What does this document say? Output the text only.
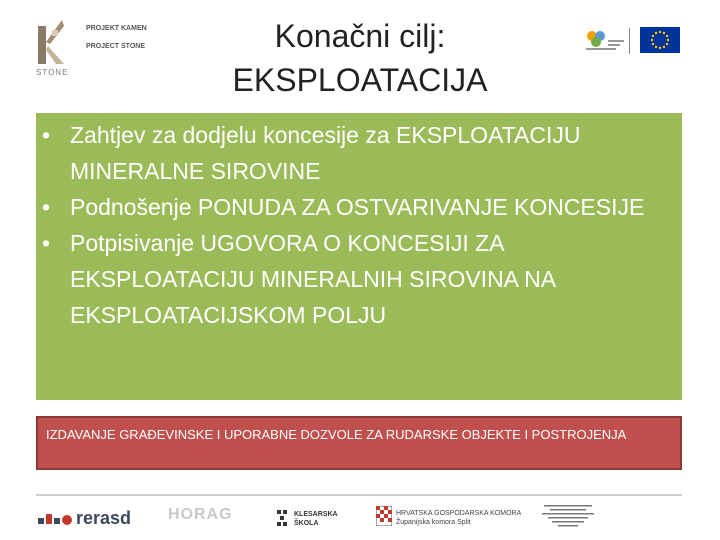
STONE
PROJEKT KAMEN

PROJECT STONE
	Konačni cilj:
EKSPLOATACIJA
• Zahtjev za dodjelu koncesije za EKSPLOATACIJU MINERALNE SIROVINE
• Podnošenje PONUDA ZA OSTVARIVANJE KONCESIJE
• Potpisivanje UGOVORA O KONCESIJI ZA EKSPLOATACIJU MINERALNIH SIROVINA NA EKSPLOATACIJSKOM POLJU
IZDAVANJE GRAĐEVINSKE I UPORABNE DOZVOLE ZA RUDARSKE OBJEKTE I POSTROJENJA
rerasd HORAG	KLESARSKA
ŠKOLA
HRVATSKA GOSPODARSKA KOMORA
Županijska komora Split
